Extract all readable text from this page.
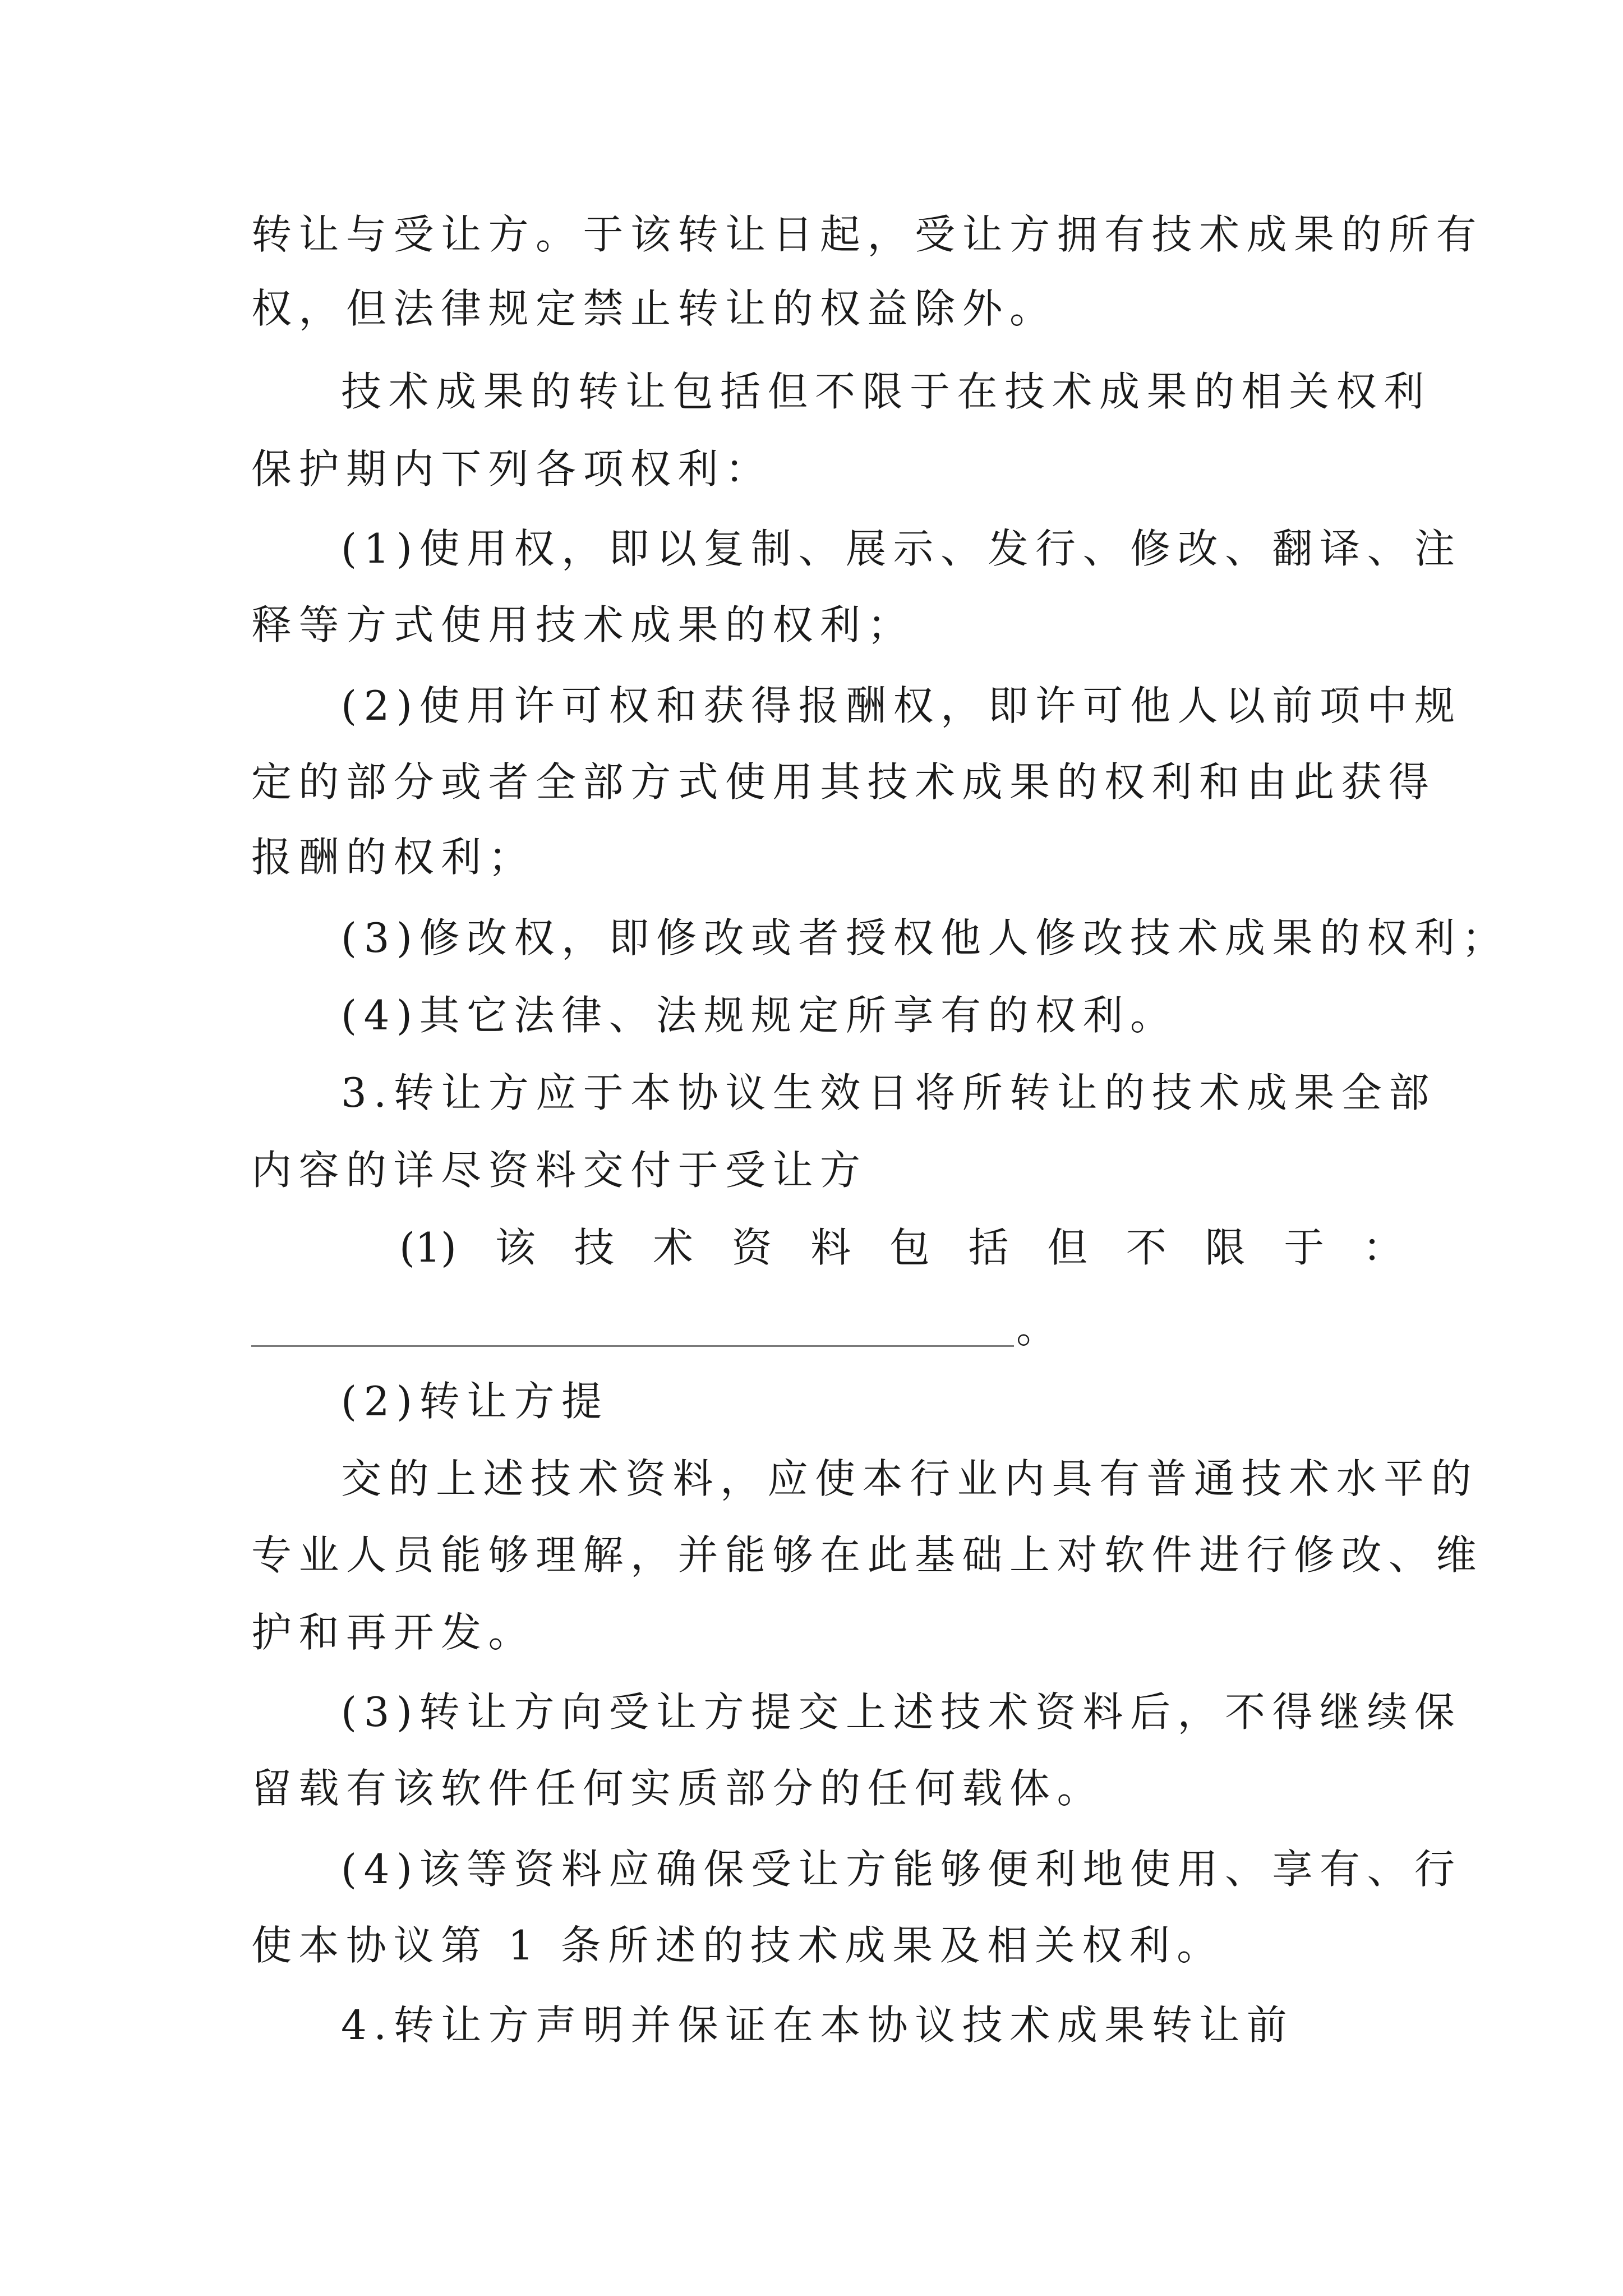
转让与受让方。于该转让日起，受让方拥有技术成果的所有
权，但法律规定禁止转让的权益除外。
技术成果的转让包括但不限于在技术成果的相关权利
保护期内下列各项权利：
(1)使用权，即以复制、展示、发行、修改、翻译、注
释等方式使用技术成果的权利；
(2)使用许可权和获得报酬权，即许可他人以前项中规
定的部分或者全部方式使用其技术成果的权利和由此获得
报酬的权利；
(3)修改权，即修改或者授权他人修改技术成果的权利；
(4)其它法律、法规规定所享有的权利。
3.转让方应于本协议生效日将所转让的技术成果全部
内容的详尽资料交付于受让方
(1) 该 技 术 资 料 包 括 但 不 限 于 ：
。
(2)转让方提
交的上述技术资料，应使本行业内具有普通技术水平的
专业人员能够理解，并能够在此基础上对软件进行修改、维
护和再开发。
(3)转让方向受让方提交上述技术资料后，不得继续保
留载有该软件任何实质部分的任何载体。
(4)该等资料应确保受让方能够便利地使用、享有、行
使本协议第 1 条所述的技术成果及相关权利。
4.转让方声明并保证在本协议技术成果转让前
